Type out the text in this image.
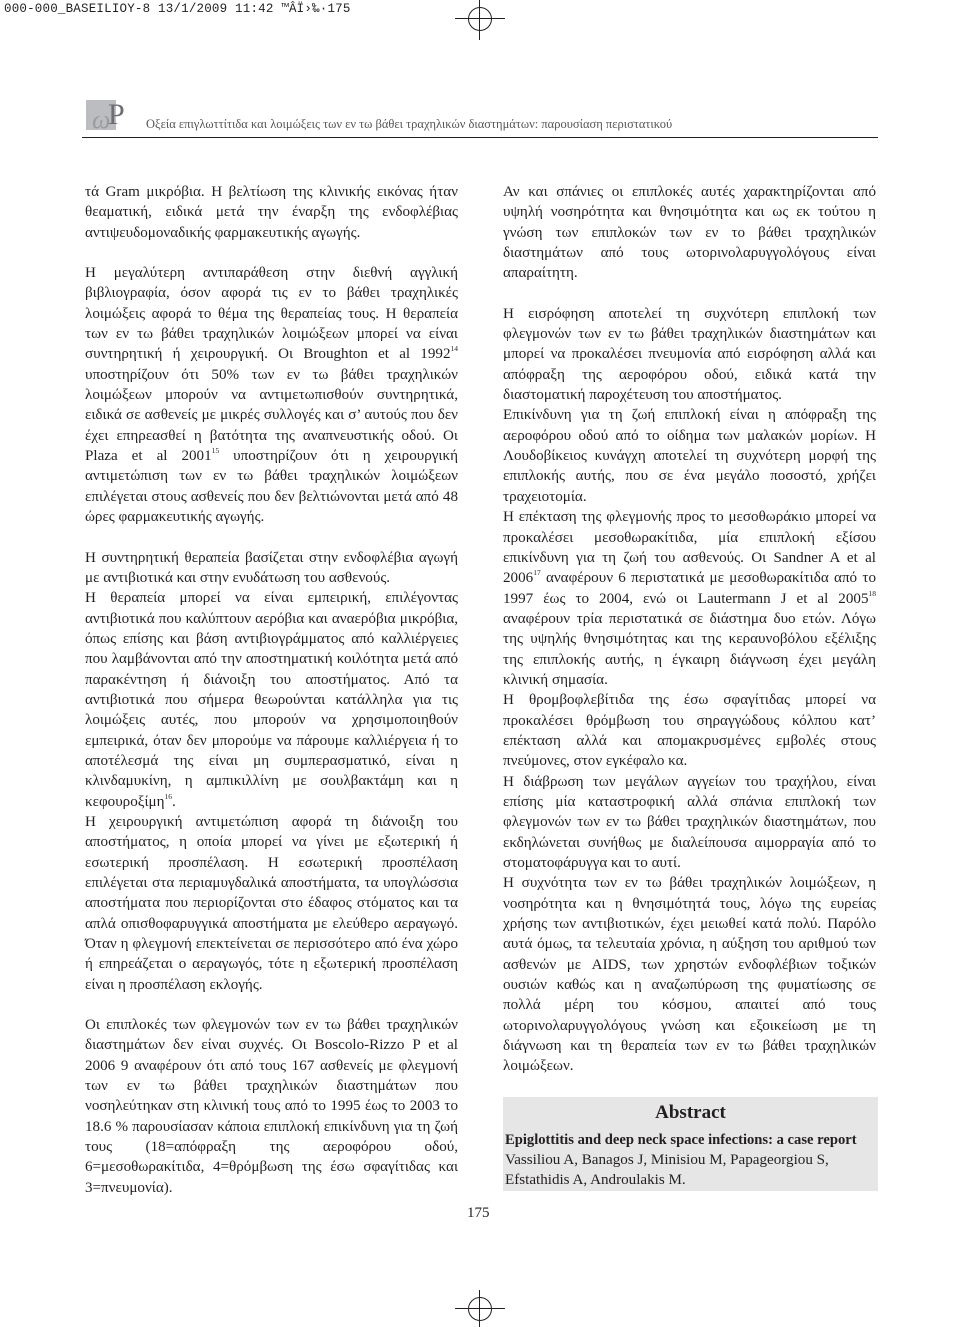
000-000_BASEILIOY-8 13/1/2009 11:42 ™ÂÏ›‰·175
ω
Ρ Οξεία επιγλωττίτιδα και λοιμώξεις των εν τω βάθει τραχηλικών διαστημάτων: παρουσίαση περιστατικού

τά Gram μικρόβια. Η βελτίωση της κλινικής εικόνας ήταν θεαματική, ειδικά μετά την έναρξη της ενδοφλέβιας αντιψευδομοναδικής φαρμακευτικής αγωγής.

Η μεγαλύτερη αντιπαράθεση στην διεθνή αγγλική βιβλιογραφία, όσον αφορά τις εν το βάθει τραχηλικές λοιμώξεις αφορά το θέμα της θεραπείας τους. Η θεραπεία των εν τω βάθει τραχηλικών λοιμώξεων μπορεί να είναι συντηρητική ή χειρουργική. Οι Broughton et al 1992$^{14}$ υποστηρίζουν ότι 50% των εν τω βάθει τραχηλικών λοιμώξεων μπορούν να αντιμετωπισθούν συντηρητικά, ειδικά σε ασθενείς με μικρές συλλογές και σ’ αυτούς που δεν έχει επηρεασθεί η βατότητα της αναπνευστικής οδού. Οι Plaza et al 2001$^{15}$ υποστηρίζουν ότι η χειρουργική αντιμετώπιση των εν τω βάθει τραχηλικών λοιμώξεων επιλέγεται στους ασθενείς που δεν βελτιώνονται μετά από 48 ώρες φαρμακευτικής αγωγής.

Η συντηρητική θεραπεία βασίζεται στην ενδοφλέβια αγωγή με αντιβιοτικά και στην ενυδάτωση του ασθενούς.

Η θεραπεία μπορεί να είναι εμπειρική, επιλέγοντας αντιβιοτικά που καλύπτουν αερόβια και αναερόβια μικρόβια, όπως επίσης και βάση αντιβιογράμματος από καλλιέργειες που λαμβάνονται από την αποστηματική κοιλότητα μετά από παρακέντηση ή διάνοιξη του αποστήματος. Από τα αντιβιοτικά που σήμερα θεωρούνται κατάλληλα για τις λοιμώξεις αυτές, που μπορούν να χρησιμοποιηθούν εμπειρικά, όταν δεν μπορούμε να πάρουμε καλλιέργεια ή το αποτέλεσμά της είναι μη συμπερασματικό, είναι η κλινδαμυκίνη, η αμπικιλλίνη με σουλβακτάμη και η κεφουροξίμη$^{16}$.

Η χειρουργική αντιμετώπιση αφορά τη διάνοιξη του αποστήματος, η οποία μπορεί να γίνει με εξωτερική ή εσωτερική προσπέλαση. Η εσωτερική προσπέλαση επιλέγεται στα περιαμυγδαλικά αποστήματα, τα υπογλώσσια αποστήματα που περιορίζονται στο έδαφος στόματος και τα απλά οπισθοφαρυγγικά αποστήματα με ελεύθερο αεραγωγό. Όταν η φλεγμονή επεκτείνεται σε περισσότερο από ένα χώρο ή επηρεάζεται ο αεραγωγός, τότε η εξωτερική προσπέλαση είναι η προσπέλαση εκλογής.

Οι επιπλοκές των φλεγμονών των εν τω βάθει τραχηλικών διαστημάτων δεν είναι συχνές. Οι Boscolo-Rizzo P et al 2006 9 αναφέρουν ότι από τους 167 ασθενείς με φλεγμονή των εν τω βάθει τραχηλικών διαστημάτων που νοσηλεύτηκαν στη κλινική τους από το 1995 έως το 2003 το 18.6 % παρουσίασαν κάποια επιπλοκή επικίνδυνη για τη ζωή τους (18=απόφραξη της αεροφόρου οδού, 6=μεσοθωρακίτιδα, 4=θρόμβωση της έσω σφαγίτιδας και 3=πνευμονία).

Αν και σπάνιες οι επιπλοκές αυτές χαρακτηρίζονται από υψηλή νοσηρότητα και θνησιμότητα και ως εκ τούτου η γνώση των επιπλοκών των εν το βάθει τραχηλικών διαστημάτων από τους ωτορινολαρυγγολόγους είναι απαραίτητη.

Η εισρόφηση αποτελεί τη συχνότερη επιπλοκή των φλεγμονών των εν τω βάθει τραχηλικών διαστημάτων και μπορεί να προκαλέσει πνευμονία από εισρόφηση αλλά και απόφραξη της αεροφόρου οδού, ειδικά κατά την διαστοματική παροχέτευση του αποστήματος.

Επικίνδυνη για τη ζωή επιπλοκή είναι η απόφραξη της αεροφόρου οδού από το οίδημα των μαλακών μορίων. Η Λουδοβίκειος κυνάγχη αποτελεί τη συχνότερη μορφή της επιπλοκής αυτής, που σε ένα μεγάλο ποσοστό, χρήζει τραχειοτομία.

Η επέκταση της φλεγμονής προς το μεσοθωράκιο μπορεί να προκαλέσει μεσοθωρακίτιδα, μία επιπλοκή εξίσου επικίνδυνη για τη ζωή του ασθενούς. Οι Sandner A et al 2006$^{17}$ αναφέρουν 6 περιστατικά με μεσοθωρακίτιδα από το 1997 έως το 2004, ενώ οι Lautermann J et al 2005$^{18}$ αναφέρουν τρία περιστατικά σε διάστημα δυο ετών. Λόγω της υψηλής θνησιμότητας και της κεραυνοβόλου εξέλιξης της επιπλοκής αυτής, η έγκαιρη διάγνωση έχει μεγάλη κλινική σημασία.

Η θρομβοφλεβίτιδα της έσω σφαγίτιδας μπορεί να προκαλέσει θρόμβωση του σηραγγώδους κόλπου κατ’ επέκταση αλλά και απομακρυσμένες εμβολές στους πνεύμονες, στον εγκέφαλο κα.

Η διάβρωση των μεγάλων αγγείων του τραχήλου, είναι επίσης μία καταστροφική αλλά σπάνια επιπλοκή των φλεγμονών των εν τω βάθει τραχηλικών διαστημάτων, που εκδηλώνεται συνήθως με διαλείπουσα αιμορραγία από το στοματοφάρυγγα και το αυτί.

Η συχνότητα των εν τω βάθει τραχηλικών λοιμώξεων, η νοσηρότητα και η θνησιμότητά τους, λόγω της ευρείας χρήσης των αντιβιοτικών, έχει μειωθεί κατά πολύ. Παρόλο αυτά όμως, τα τελευταία χρόνια, η αύξηση του αριθμού των ασθενών με AIDS, των χρηστών ενδοφλέβιων τοξικών ουσιών καθώς και η αναζωπύρωση της φυματίωσης σε πολλά μέρη του κόσμου, απαιτεί από τους ωτορινολαρυγγολόγους γνώση και εξοικείωση με τη διάγνωση και τη θεραπεία των εν τω βάθει τραχηλικών λοιμώξεων.

Abstract
Epiglottitis and deep neck space infections: a case report
Vassiliou A, Banagos J, Minisiou M, Papageorgiou S, Efstathidis A, Androulakis M.
175
